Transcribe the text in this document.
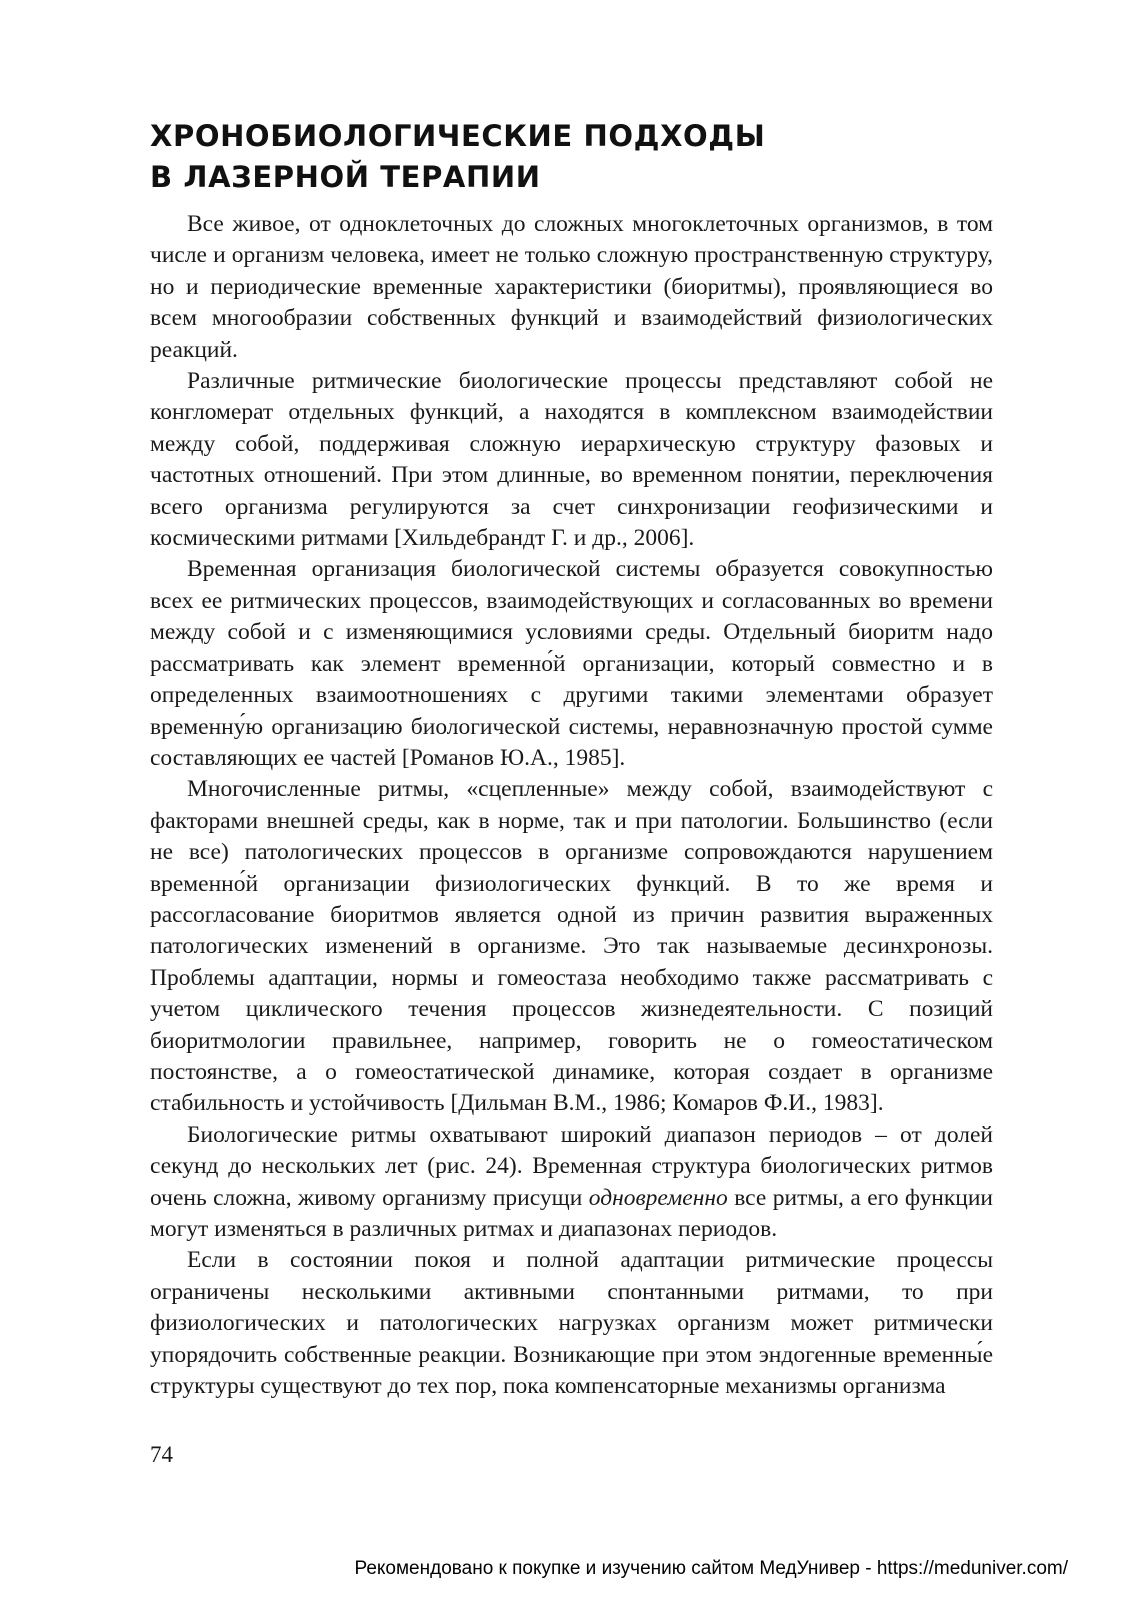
ХРОНОБИОЛОГИЧЕСКИЕ ПОДХОДЫ
В ЛАЗЕРНОЙ ТЕРАПИИ

Все живое, от одноклеточных до сложных многоклеточных организмов, в том числе и организм человека, имеет не только сложную пространственную структуру, но и периодические временные характеристики (биоритмы), проявляющиеся во всем многообразии собственных функций и взаимодействий физиологических реакций.

Различные ритмические биологические процессы представляют собой не конгломерат отдельных функций, а находятся в комплексном взаимодействии между собой, поддерживая сложную иерархическую структуру фазовых и частотных отношений. При этом длинные, во временном понятии, переключения всего организма регулируются за счет синхронизации геофизическими и космическими ритмами [Хильдебрандт Г. и др., 2006].

Временная организация биологической системы образуется совокупностью всех ее ритмических процессов, взаимодействующих и согласованных во времени между собой и с изменяющимися условиями среды. Отдельный биоритм надо рассматривать как элемент временно́й организации, который совместно и в определенных взаимоотношениях с другими такими элементами образует временну́ю организацию биологической системы, неравнозначную простой сумме составляющих ее частей [Романов Ю.А., 1985].

Многочисленные ритмы, «сцепленные» между собой, взаимодействуют с факторами внешней среды, как в норме, так и при патологии. Большинство (если не все) патологических процессов в организме сопровождаются нарушением временно́й организации физиологических функций. В то же время и рассогласование биоритмов является одной из причин развития выраженных патологических изменений в организме. Это так называемые десинхронозы. Проблемы адаптации, нормы и гомеостаза необходимо также рассматривать с учетом циклического течения процессов жизнедеятельности. С позиций биоритмологии правильнее, например, говорить не о гомеостатическом постоянстве, а о гомеостатической динамике, которая создает в организме стабильность и устойчивость [Дильман В.М., 1986; Комаров Ф.И., 1983].

Биологические ритмы охватывают широкий диапазон периодов – от долей секунд до нескольких лет (рис. 24). Временная структура биологических ритмов очень сложна, живому организму присущи одновременно все ритмы, а его функции могут изменяться в различных ритмах и диапазонах периодов.

Если в состоянии покоя и полной адаптации ритмические процессы ограничены несколькими активными спонтанными ритмами, то при физиологических и патологических нагрузках организм может ритмически упорядочить собственные реакции. Возникающие при этом эндогенные временны́е структуры существуют до тех пор, пока компенсаторные механизмы организма

74

Рекомендовано к покупке и изучению сайтом МедУнивер - https://meduniver.com/
